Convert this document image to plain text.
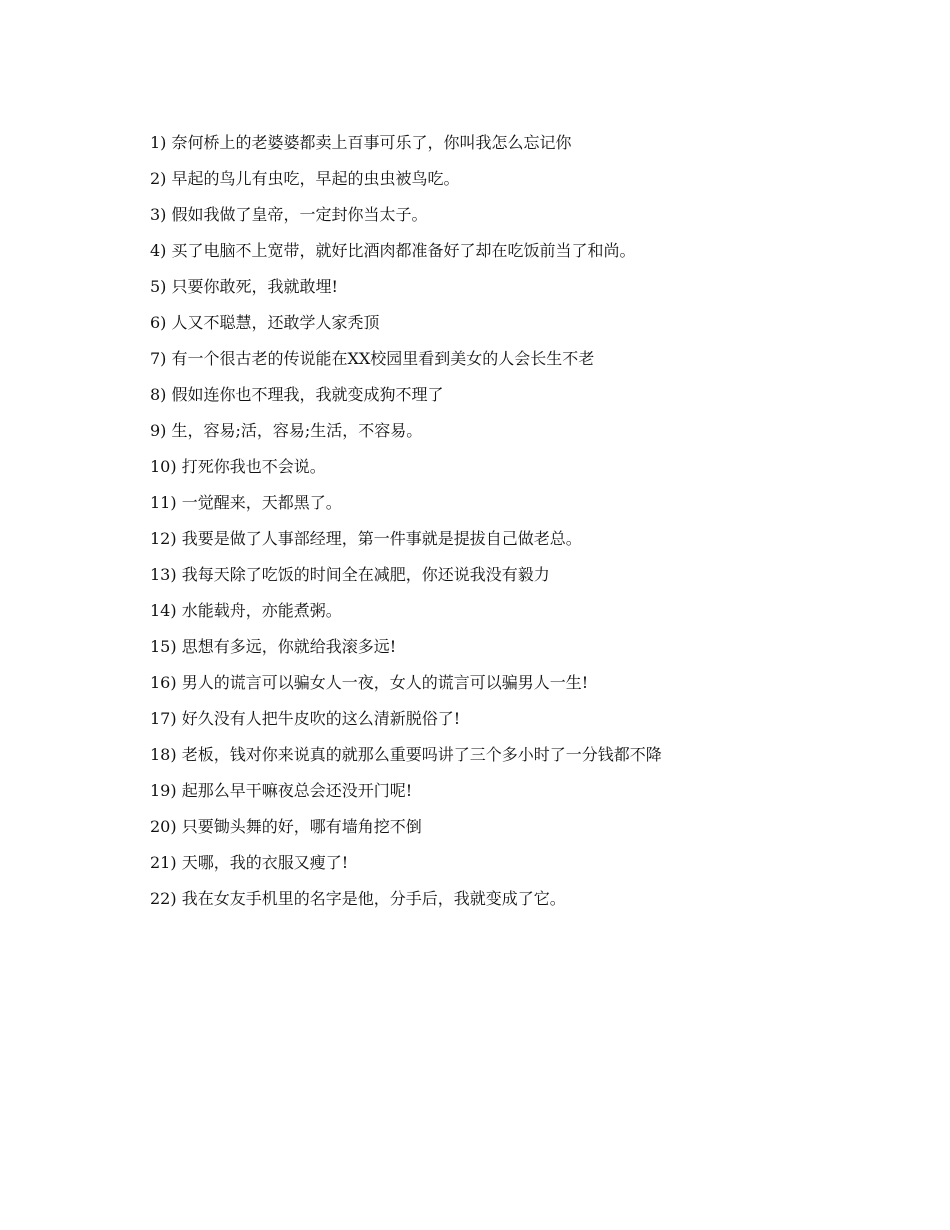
1) 奈何桥上的老婆婆都卖上百事可乐了，你叫我怎么忘记你
2) 早起的鸟儿有虫吃，早起的虫虫被鸟吃。
3) 假如我做了皇帝，一定封你当太子。
4) 买了电脑不上宽带，就好比酒肉都准备好了却在吃饭前当了和尚。
5) 只要你敢死，我就敢埋!
6) 人又不聪慧，还敢学人家秃顶
7) 有一个很古老的传说能在XX校园里看到美女的人会长生不老
8) 假如连你也不理我，我就变成狗不理了
9) 生，容易;活，容易;生活，不容易。
10) 打死你我也不会说。
11) 一觉醒来，天都黑了。
12) 我要是做了人事部经理，第一件事就是提拔自己做老总。
13) 我每天除了吃饭的时间全在减肥，你还说我没有毅力
14) 水能载舟，亦能煮粥。
15) 思想有多远，你就给我滚多远!
16) 男人的谎言可以骗女人一夜，女人的谎言可以骗男人一生!
17) 好久没有人把牛皮吹的这么清新脱俗了!
18) 老板，钱对你来说真的就那么重要吗讲了三个多小时了一分钱都不降
19) 起那么早干嘛夜总会还没开门呢!
20) 只要锄头舞的好，哪有墙角挖不倒
21) 天哪，我的衣服又瘦了!
22) 我在女友手机里的名字是他，分手后，我就变成了它。
